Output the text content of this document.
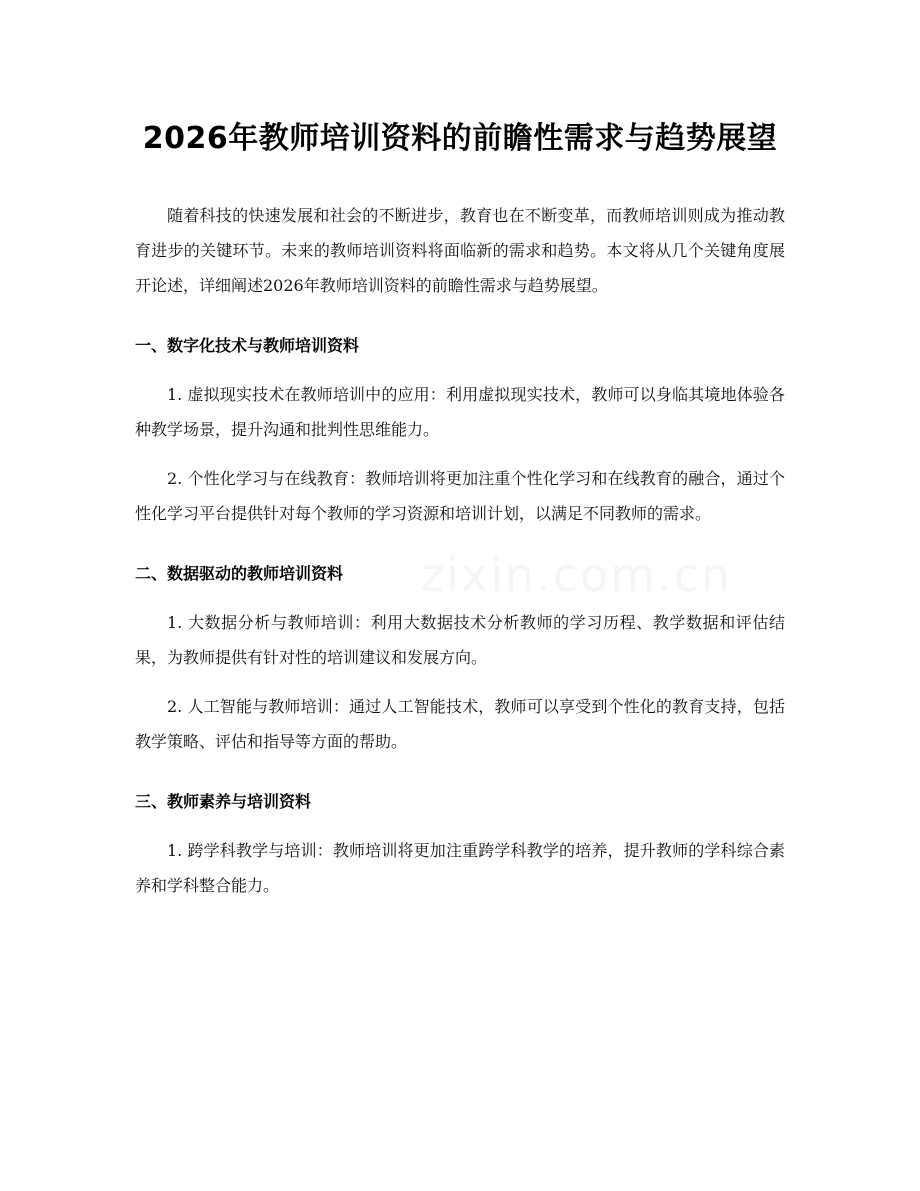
2026年教师培训资料的前瞻性需求与趋势展望

随着科技的快速发展和社会的不断进步，教育也在不断变革，而教师培训则成为推动教育进步的关键环节。未来的教师培训资料将面临新的需求和趋势。本文将从几个关键角度展开论述，详细阐述2026年教师培训资料的前瞻性需求与趋势展望。

一、数字化技术与教师培训资料

1. 虚拟现实技术在教师培训中的应用：利用虚拟现实技术，教师可以身临其境地体验各种教学场景，提升沟通和批判性思维能力。

2. 个性化学习与在线教育：教师培训将更加注重个性化学习和在线教育的融合，通过个性化学习平台提供针对每个教师的学习资源和培训计划，以满足不同教师的需求。

二、数据驱动的教师培训资料

1. 大数据分析与教师培训：利用大数据技术分析教师的学习历程、教学数据和评估结果，为教师提供有针对性的培训建议和发展方向。

2. 人工智能与教师培训：通过人工智能技术，教师可以享受到个性化的教育支持，包括教学策略、评估和指导等方面的帮助。

三、教师素养与培训资料

1. 跨学科教学与培训：教师培训将更加注重跨学科教学的培养，提升教师的学科综合素养和学科整合能力。

zixin.com.cn
